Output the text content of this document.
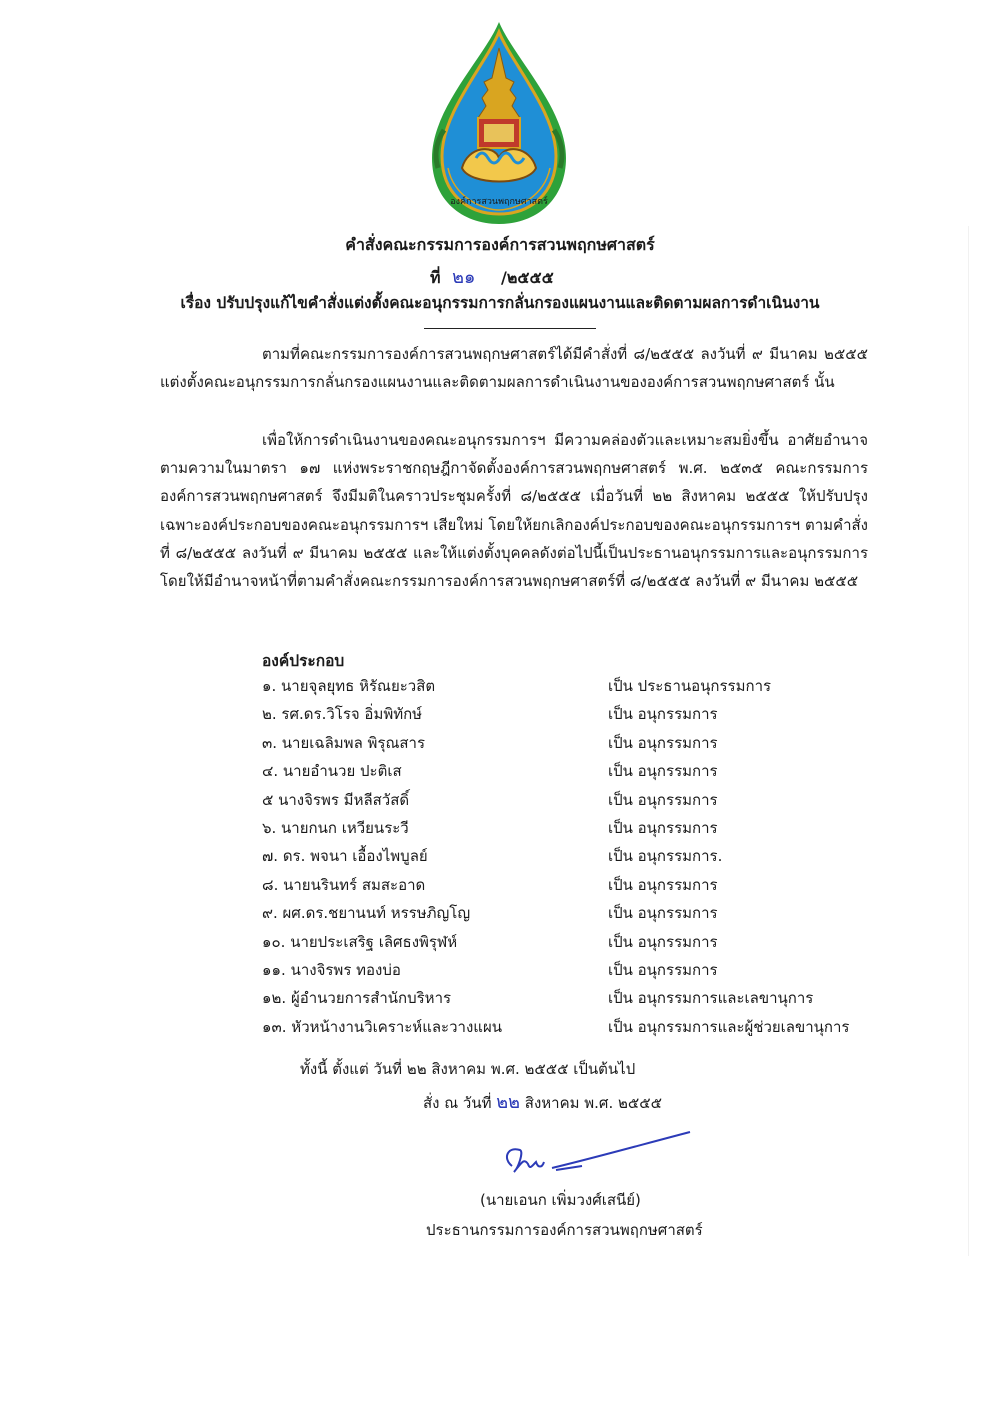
องค์การสวนพฤกษศาสตร์
คำสั่งคณะกรรมการองค์การสวนพฤกษศาสตร์
ที่ ๒๑ /๒๕๕๕
เรื่อง ปรับปรุงแก้ไขคำสั่งแต่งตั้งคณะอนุกรรมการกลั่นกรองแผนงานและติดตามผลการดำเนินงาน
ตามที่คณะกรรมการองค์การสวนพฤกษศาสตร์ได้มีคำสั่งที่ ๘/๒๕๕๕ ลงวันที่ ๙ มีนาคม ๒๕๕๕ แต่งตั้งคณะอนุกรรมการกลั่นกรองแผนงานและติดตามผลการดำเนินงานขององค์การสวนพฤกษศาสตร์ นั้น
เพื่อให้การดำเนินงานของคณะอนุกรรมการฯ มีความคล่องตัวและเหมาะสมยิ่งขึ้น อาศัยอำนาจตามความในมาตรา ๑๗ แห่งพระราชกฤษฎีกาจัดตั้งองค์การสวนพฤกษศาสตร์ พ.ศ. ๒๕๓๕ คณะกรรมการองค์การสวนพฤกษศาสตร์ จึงมีมติในคราวประชุมครั้งที่ ๘/๒๕๕๕ เมื่อวันที่ ๒๒ สิงหาคม ๒๕๕๕ ให้ปรับปรุงเฉพาะองค์ประกอบของคณะอนุกรรมการฯ เสียใหม่ โดยให้ยกเลิกองค์ประกอบของคณะอนุกรรมการฯ ตามคำสั่งที่ ๘/๒๕๕๕ ลงวันที่ ๙ มีนาคม ๒๕๕๕ และให้แต่งตั้งบุคคลดังต่อไปนี้เป็นประธานอนุกรรมการและอนุกรรมการ โดยให้มีอำนาจหน้าที่ตามคำสั่งคณะกรรมการองค์การสวนพฤกษศาสตร์ที่ ๘/๒๕๕๕ ลงวันที่ ๙ มีนาคม ๒๕๕๕
องค์ประกอบ
๑. นายจุลยุทธ หิรัณยะวสิต	เป็น ประธานอนุกรรมการ
๒. รศ.ดร.วิโรจ อิ่มพิทักษ์	เป็น อนุกรรมการ
๓. นายเฉลิมพล พิรุณสาร	เป็น อนุกรรมการ
๔. นายอำนวย ปะติเส	เป็น อนุกรรมการ
๕ นางจิรพร มีหลีสวัสดิ์	เป็น อนุกรรมการ
๖. นายกนก เหวียนระวี	เป็น อนุกรรมการ
๗. ดร. พจนา เอื้องไพบูลย์	เป็น อนุกรรมการ.
๘. นายนรินทร์ สมสะอาด	เป็น อนุกรรมการ
๙. ผศ.ดร.ชยานนท์ หรรษภิญโญ	เป็น อนุกรรมการ
๑๐. นายประเสริฐ เลิศธงพิรุฬห์	เป็น อนุกรรมการ
๑๑. นางจิรพร ทองบ่อ	เป็น อนุกรรมการ
๑๒. ผู้อำนวยการสำนักบริหาร	เป็น อนุกรรมการและเลขานุการ
๑๓. หัวหน้างานวิเคราะห์และวางแผน	เป็น อนุกรรมการและผู้ช่วยเลขานุการ
ทั้งนี้ ตั้งแต่ วันที่ ๒๒ สิงหาคม พ.ศ. ๒๕๕๕ เป็นต้นไป
สั่ง ณ วันที่ ๒๒ สิงหาคม พ.ศ. ๒๕๕๕
(นายเอนก เพิ่มวงศ์เสนีย์)
ประธานกรรมการองค์การสวนพฤกษศาสตร์
